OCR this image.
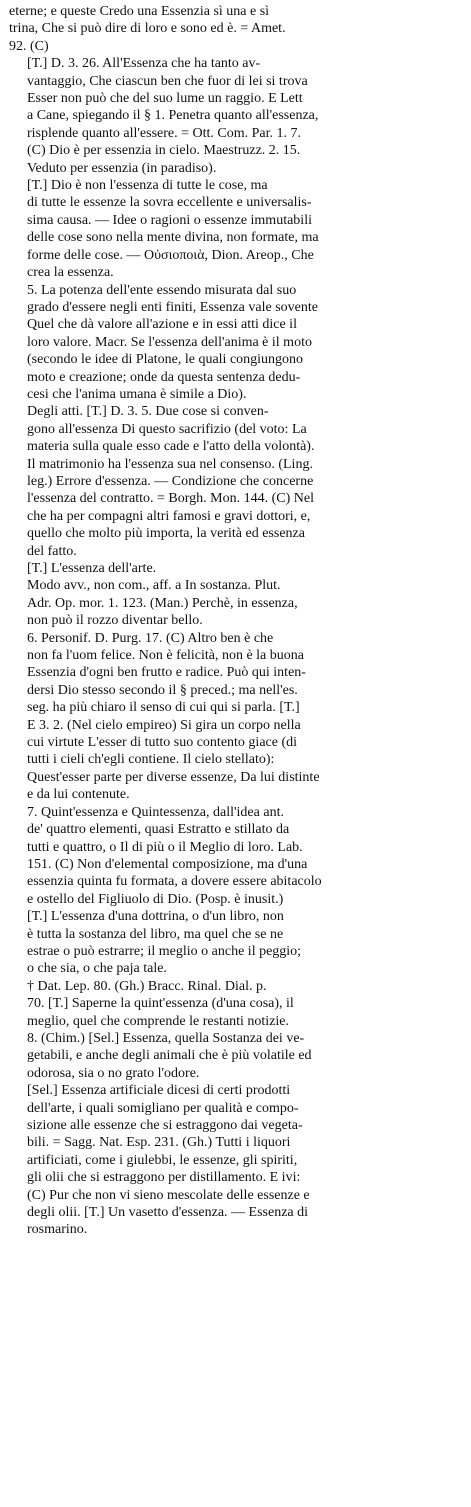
eterne; e queste Credo una Essenzia sì una e sì
trina, Che si può dire di loro e sono ed è. = Amet.
92. (C)
[T.] D. 3. 26. All'Essenza che ha tanto av-
vantaggio, Che ciascun ben che fuor di lei si trova
Esser non può che del suo lume un raggio. E Lett
a Cane, spiegando il § 1. Penetra quanto all'essenza,
risplende quanto all'essere. = Ott. Com. Par. 1. 7.
(C) Dio è per essenzia in cielo. Maestruzz. 2. 15.
Veduto per essenzia (in paradiso).
[T.] Dio è non l'essenza di tutte le cose, ma
di tutte le essenze la sovra eccellente e universalis-
sima causa. — Idee o ragioni o essenze immutabili
delle cose sono nella mente divina, non formate, ma
forme delle cose. — Οὐσιοποιὰ, Dion. Areop., Che
crea la essenza.
5. La potenza dell'ente essendo misurata dal suo
grado d'essere negli enti finiti, Essenza vale sovente
Quel che dà valore all'azione e in essi atti dice il
loro valore. Macr. Se l'essenza dell'anima è il moto
(secondo le idee di Platone, le quali congiungono
moto e creazione; onde da questa sentenza dedu-
cesi che l'anima umana è simile a Dio).
Degli atti. [T.] D. 3. 5. Due cose si conven-
gono all'essenza Di questo sacrifizio (del voto: La
materia sulla quale esso cade e l'atto della volontà).
Il matrimonio ha l'essenza sua nel consenso. (Ling.
leg.) Errore d'essenza. — Condizione che concerne
l'essenza del contratto. = Borgh. Mon. 144. (C) Nel
che ha per compagni altri famosi e gravi dottori, e,
quello che molto più importa, la verità ed essenza
del fatto.
[T.] L'essenza dell'arte.
Modo avv., non com., aff. a In sostanza. Plut.
Adr. Op. mor. 1. 123. (Man.) Perchè, in essenza,
non può il rozzo diventar bello.
6. Personif. D. Purg. 17. (C) Altro ben è che
non fa l'uom felice. Non è felicità, non è la buona
Essenzia d'ogni ben frutto e radice. Può qui inten-
dersi Dio stesso secondo il § preced.; ma nell'es.
seg. ha più chiaro il senso di cui qui si parla. [T.]
E 3. 2. (Nel cielo empireo) Si gira un corpo nella
cui virtute L'esser di tutto suo contento giace (di
tutti i cieli ch'egli contiene. Il cielo stellato):
Quest'esser parte per diverse essenze, Da lui distinte
e da lui contenute.
7. Quint'essenza e Quintessenza, dall'idea ant.
de' quattro elementi, quasi Estratto e stillato da
tutti e quattro, o Il di più o il Meglio di loro. Lab.
151. (C) Non d'elemental composizione, ma d'una
essenzia quinta fu formata, a dovere essere abitacolo
e ostello del Figliuolo di Dio. (Posp. è inusit.)
[T.] L'essenza d'una dottrina, o d'un libro, non
è tutta la sostanza del libro, ma quel che se ne
estrae o può estrarre; il meglio o anche il peggio;
o che sia, o che paja tale.
† Dat. Lep. 80. (Gh.) Bracc. Rinal. Dial. p.
70. [T.] Saperne la quint'essenza (d'una cosa), il
meglio, quel che comprende le restanti notizie.
8. (Chim.) [Sel.] Essenza, quella Sostanza dei ve-
getabili, e anche degli animali che è più volatile ed
odorosa, sia o no grato l'odore.
[Sel.] Essenza artificiale dicesi di certi prodotti
dell'arte, i quali somigliano per qualità e compo-
sizione alle essenze che si estraggono dai vegeta-
bili. = Sagg. Nat. Esp. 231. (Gh.) Tutti i liquori
artificiati, come i giulebbi, le essenze, gli spiriti,
gli olii che si estraggono per distillamento. E ivi:
(C) Pur che non vi sieno mescolate delle essenze e
degli olii. [T.] Un vasetto d'essenza. — Essenza di
rosmarino.
